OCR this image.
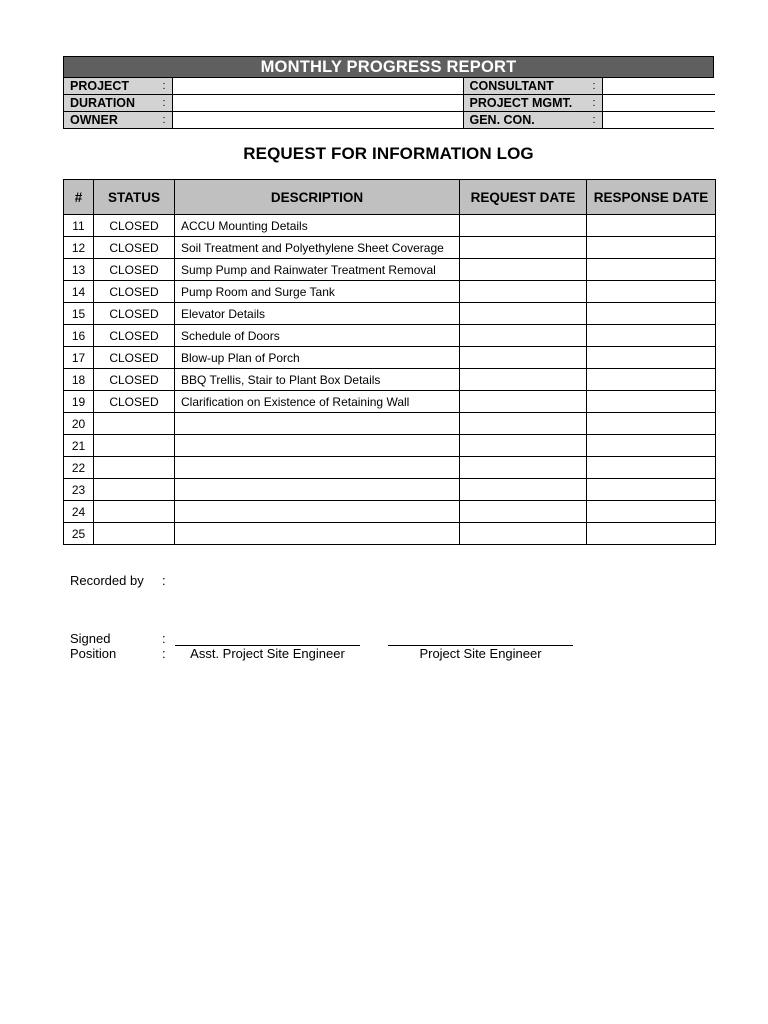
MONTHLY PROGRESS REPORT
PROJECT :		CONSULTANT :	

DURATION :		PROJECT MGMT. :	

OWNER :		GEN. CON. :	

REQUEST FOR INFORMATION LOG
#	STATUS	DESCRIPTION	REQUEST DATE	RESPONSE DATE
11	CLOSED	ACCU Mounting Details		
12	CLOSED	Soil Treatment and Polyethylene Sheet Coverage		
13	CLOSED	Sump Pump and Rainwater Treatment Removal		
14	CLOSED	Pump Room and Surge Tank		
15	CLOSED	Elevator Details		
16	CLOSED	Schedule of Doors		
17	CLOSED	Blow-up Plan of Porch		
18	CLOSED	BBQ Trellis, Stair to Plant Box Details		
19	CLOSED	Clarification on Existence of Retaining Wall		
20				
21				
22				
23				
24				
25				
Recorded by :
Signed	:
Position	:	Asst. Project Site Engineer	Project Site Engineer
